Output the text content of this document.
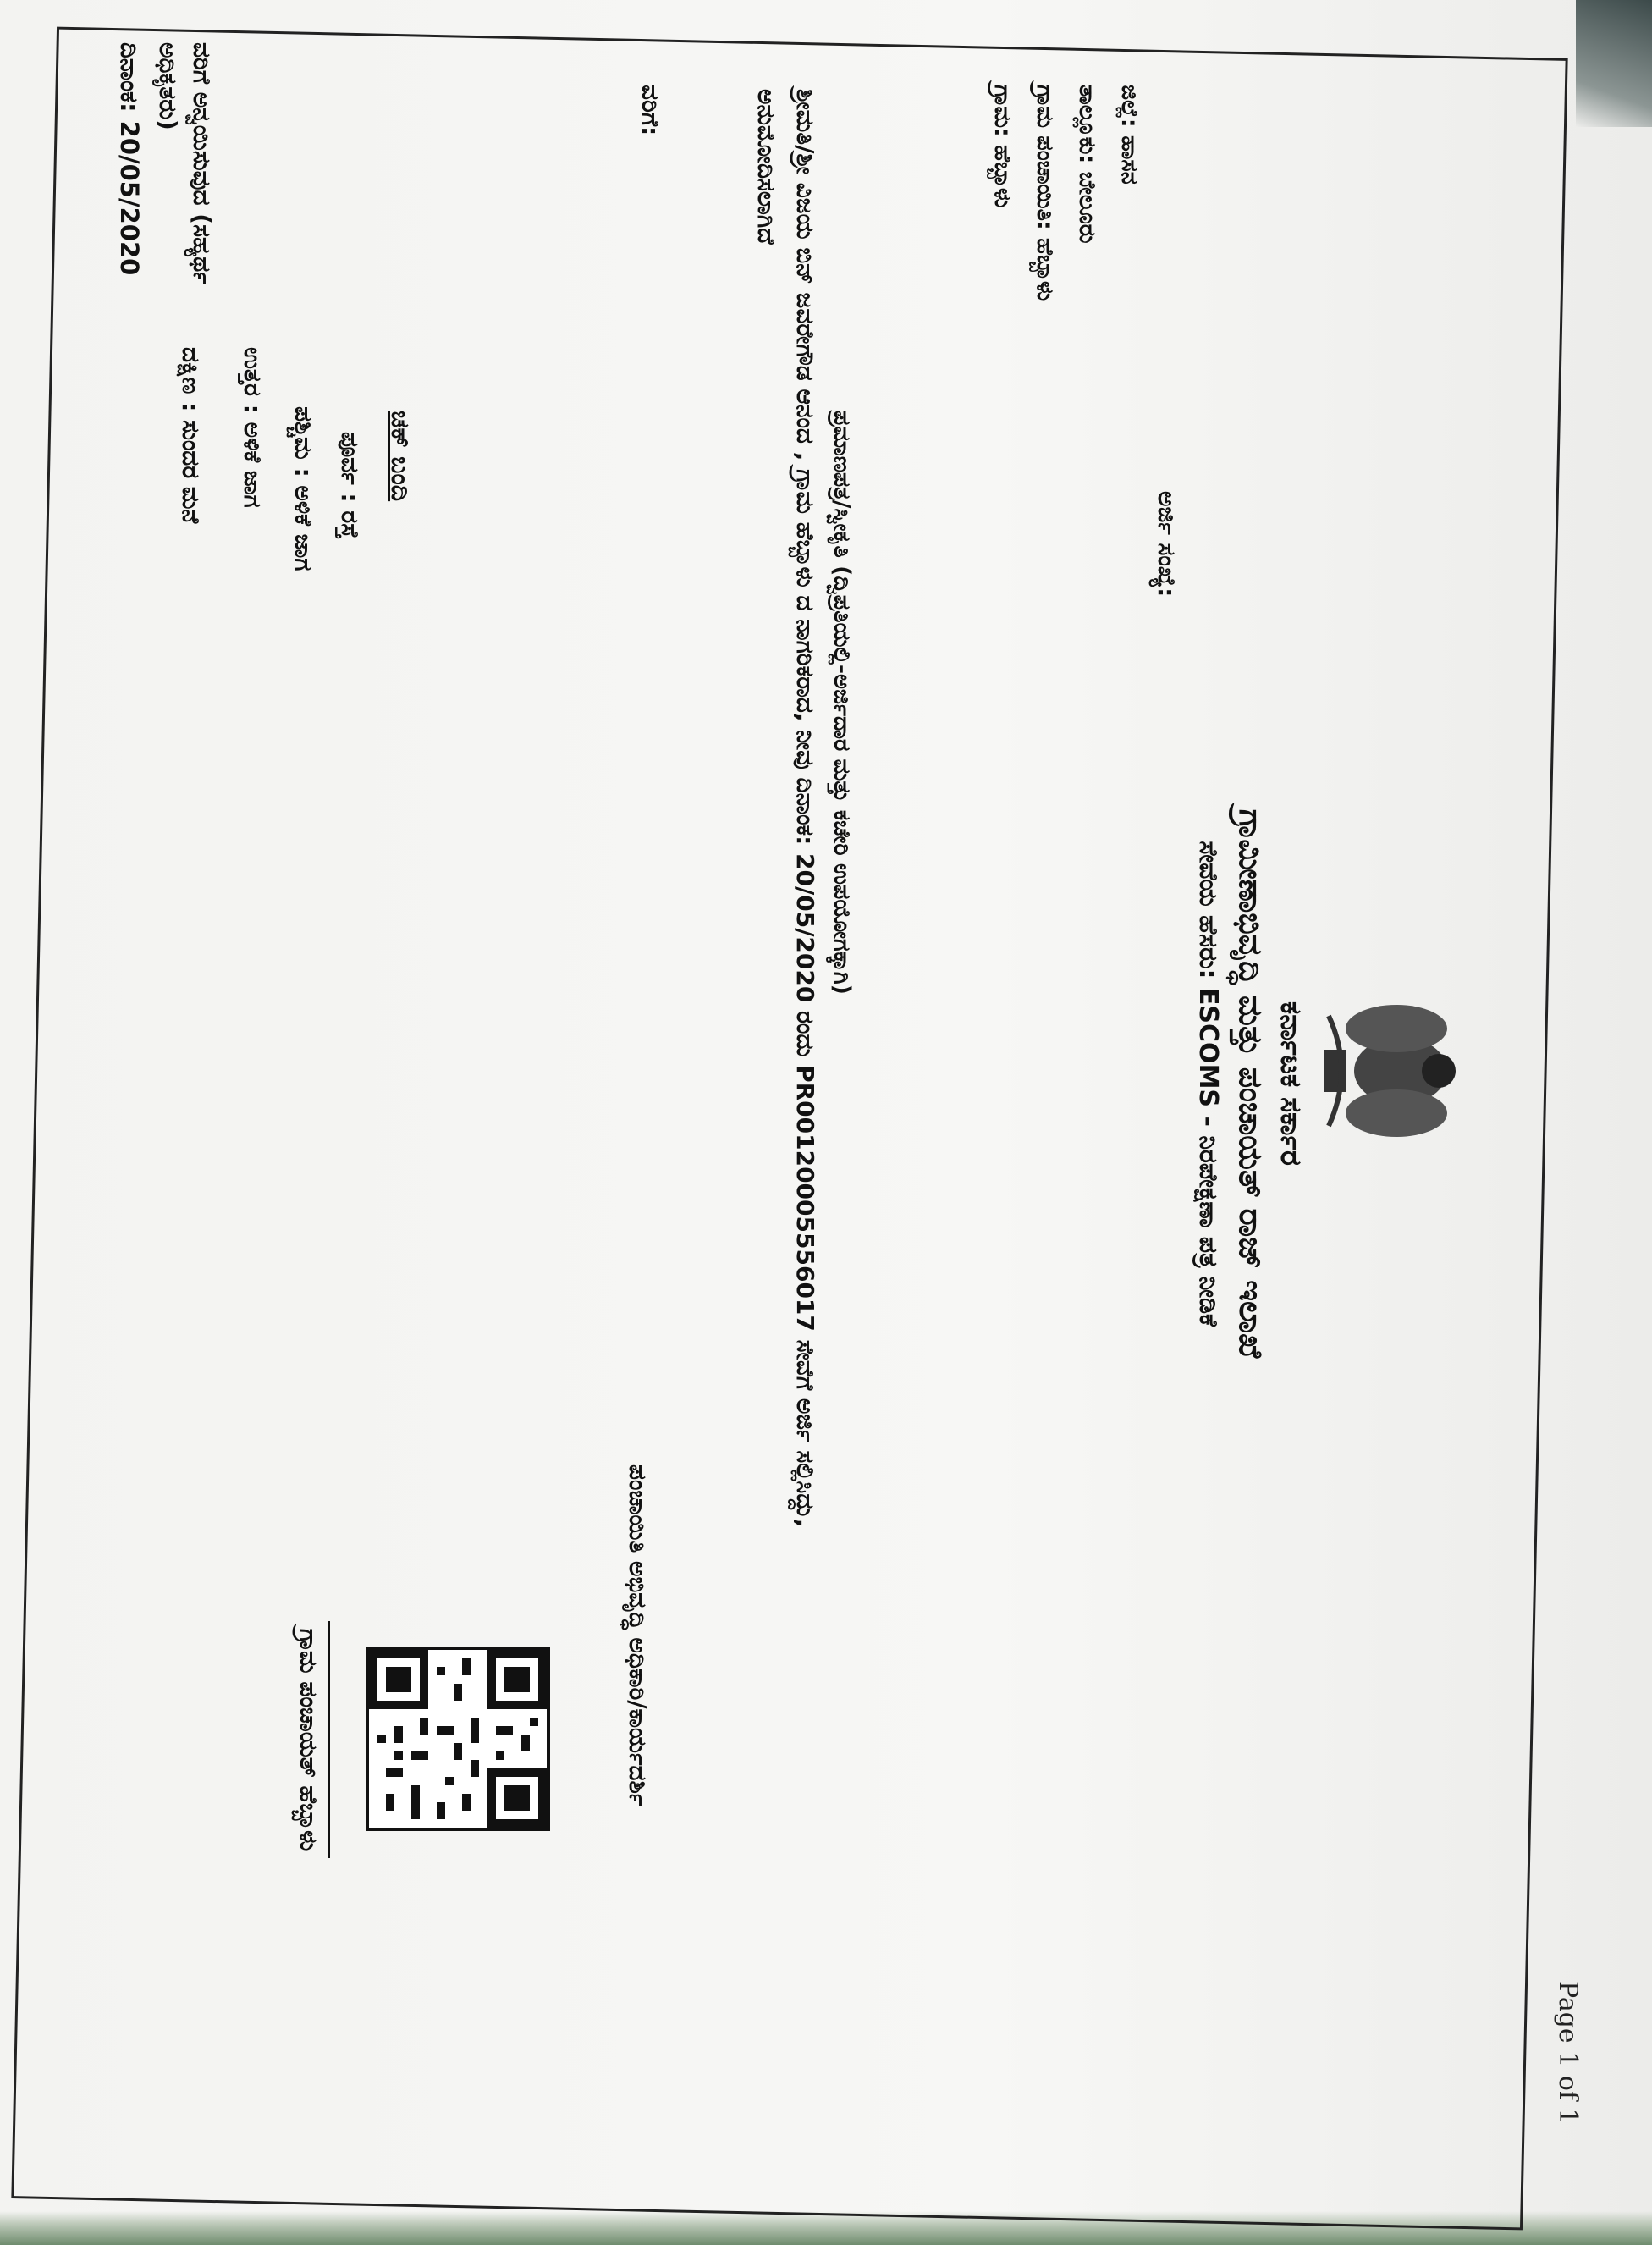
Page 1 of 1
ಕರ್ನಾಟಕ ಸರ್ಕಾರ
ಗ್ರಾಮೀಣಾಭಿವೃದ್ಧಿ ಮತ್ತು ಪಂಚಾಯತ್ ರಾಜ್ ಇಲಾಖೆ
ಸೇವೆಯ ಹೆಸರು: ESCOMS - ನಿರಪೇಕ್ಷಣಾ ಪತ್ರ ನೀಡಿಕೆ
ಅರ್ಜಿ ಸಂಖ್ಯೆ:
ಜಿಲ್ಲೆ: ಹಾಸನ
ತಾಲ್ಲೂಕು: ಬೇಲೂರು
ಗ್ರಾಮ ಪಂಚಾಯಿತಿ: ಹೆಬ್ಬಾಳು
ಗ್ರಾಮ: ಹೆಬ್ಬಾಳು
ಪ್ರಮಾಣಪತ್ರ/ಸ್ವೀಕೃತಿ (ದ್ವಿಪ್ರತಿಯಲ್ಲಿ-ಅರ್ಜಿದಾರ ಮತ್ತು ಕಚೇರಿ ಉಪಯೋಗಕ್ಕಾಗಿ)
ಶ್ರೀಮತಿ/ಶ್ರೀ ವಿಜಯ ಬಿನ್ ಜವರೇಗೌಡ ಆನಂದ , ಗ್ರಾಮ ಹೆಬ್ಬಾಳು ದ ನಾಗರಿಕರಾದ, ನೀವು ದಿನಾಂಕ: 20/05/2020 ರಂದು PR00120005556017 ಸೇವೆಗೆ ಅರ್ಜಿ ಸಲ್ಲಿಸಿದ್ದು,
ಅನುಮೋದಿಸಲಾಗಿದೆ
ಪಂಚಾಯಿತಿ ಅಭಿವೃದ್ಧಿ ಅಧಿಕಾರಿ/ಕಾರ್ಯದರ್ಶಿ
ಗ್ರಾಮ ಪಂಚಾಯತ್ ಹೆಬ್ಬಾಳು
ವರಿಗೆ:
ಚಕ್ ಬಂದಿ
ಪೂರ್ವ : ರಸ್ತೆ
ಪಶ್ಚಿಮ : ಅಳಿಕೆ ಜಾಗ
ಉತ್ತರ : ಅಳಿಕೆ ಜಾಗ
ದಕ್ಷಿಣ : ಸುಂದರ ಮನೆ
ವರಿಗೆ ಅನ್ವಯಿಸುವುದ (ಸಹ್ಯರ್ಥ
ಅಧಿಕೃತರು)
ದಿನಾಂಕ: 20/05/2020
